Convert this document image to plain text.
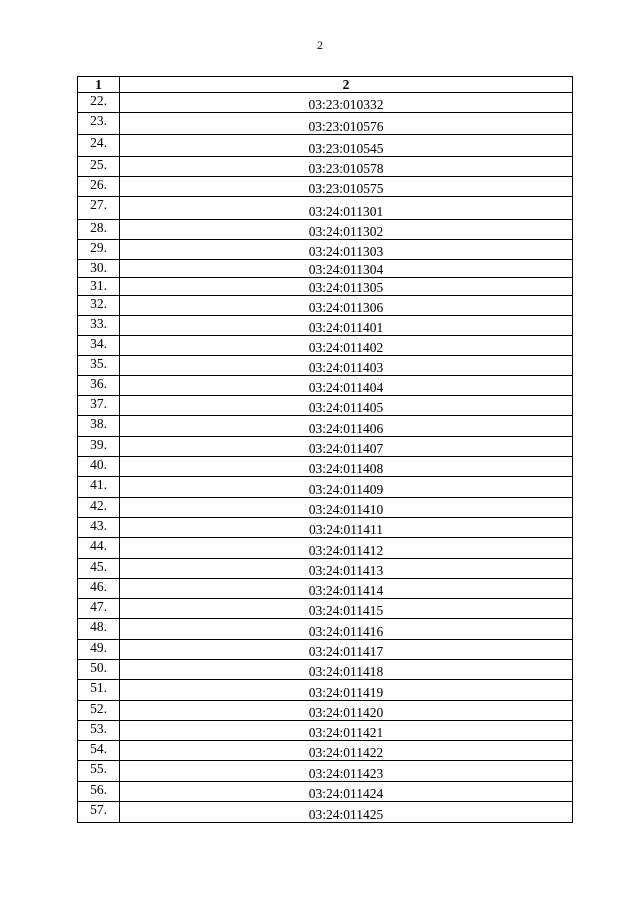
2
1	2
22.	03:23:010332
23.	03:23:010576
24.	03:23:010545
25.	03:23:010578
26.	03:23:010575
27.	03:24:011301
28.	03:24:011302
29.	03:24:011303
30.	03:24:011304
31.	03:24:011305
32.	03:24:011306
33.	03:24:011401
34.	03:24:011402
35.	03:24:011403
36.	03:24:011404
37.	03:24:011405
38.	03:24:011406
39.	03:24:011407
40.	03:24:011408
41.	03:24:011409
42.	03:24:011410
43.	03:24:011411
44.	03:24:011412
45.	03:24:011413
46.	03:24:011414
47.	03:24:011415
48.	03:24:011416
49.	03:24:011417
50.	03:24:011418
51.	03:24:011419
52.	03:24:011420
53.	03:24:011421
54.	03:24:011422
55.	03:24:011423
56.	03:24:011424
57.	03:24:011425
